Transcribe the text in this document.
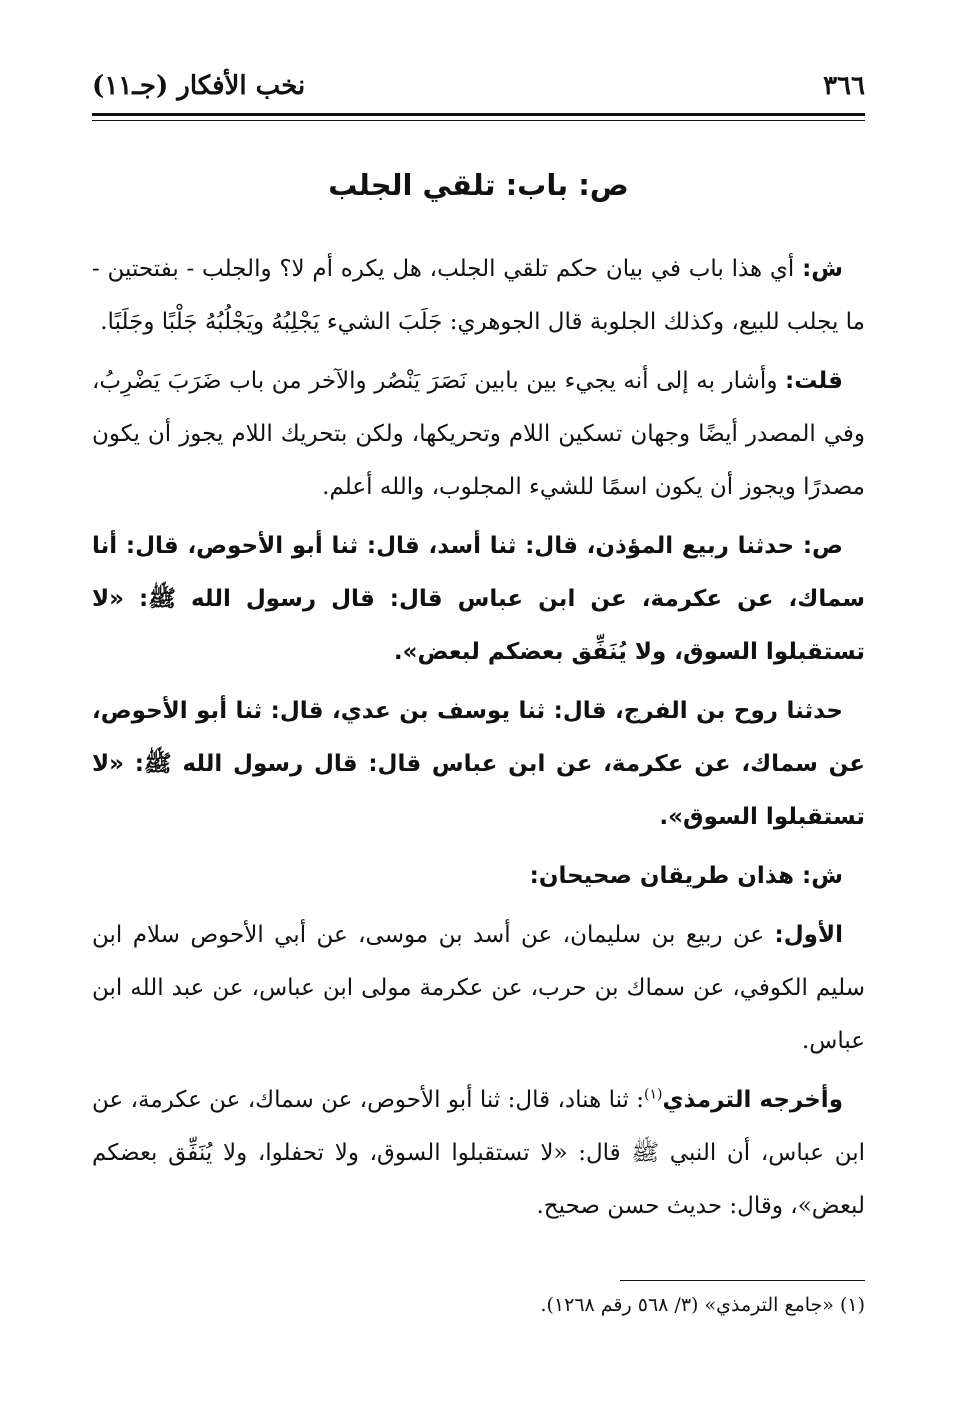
٣٦٦
نخب الأفكار (جـ١١)
ص: باب: تلقي الجلب

ش: أي هذا باب في بيان حكم تلقي الجلب، هل يكره أم لا؟ والجلب - بفتحتين - ما يجلب للبيع، وكذلك الجلوبة قال الجوهري: جَلَبَ الشيء يَجْلِبُهُ ويَجْلُبُهُ جَلْبًا وجَلَبًا.

قلت: وأشار به إلى أنه يجيء بين بابين نَصَرَ يَنْصُر والآخر من باب ضَرَبَ يَضْرِبُ، وفي المصدر أيضًا وجهان تسكين اللام وتحريكها، ولكن بتحريك اللام يجوز أن يكون مصدرًا ويجوز أن يكون اسمًا للشيء المجلوب، والله أعلم.

ص: حدثنا ربيع المؤذن، قال: ثنا أسد، قال: ثنا أبو الأحوص، قال: أنا سماك، عن عكرمة، عن ابن عباس قال: قال رسول الله ﷺ: «لا تستقبلوا السوق، ولا يُنَفِّق بعضكم لبعض».

حدثنا روح بن الفرج، قال: ثنا يوسف بن عدي، قال: ثنا أبو الأحوص، عن سماك، عن عكرمة، عن ابن عباس قال: قال رسول الله ﷺ: «لا تستقبلوا السوق».

ش: هذان طريقان صحيحان:

الأول: عن ربيع بن سليمان، عن أسد بن موسى، عن أبي الأحوص سلام ابن سليم الكوفي، عن سماك بن حرب، عن عكرمة مولى ابن عباس، عن عبد الله ابن عباس.

وأخرجه الترمذي$^{(١)}$: ثنا هناد، قال: ثنا أبو الأحوص، عن سماك، عن عكرمة، عن ابن عباس، أن النبي ﷺ قال: «لا تستقبلوا السوق، ولا تحفلوا، ولا يُنَفِّق بعضكم لبعض»، وقال: حديث حسن صحيح.

(١) «جامع الترمذي» (٣/ ٥٦٨ رقم ١٢٦٨).
